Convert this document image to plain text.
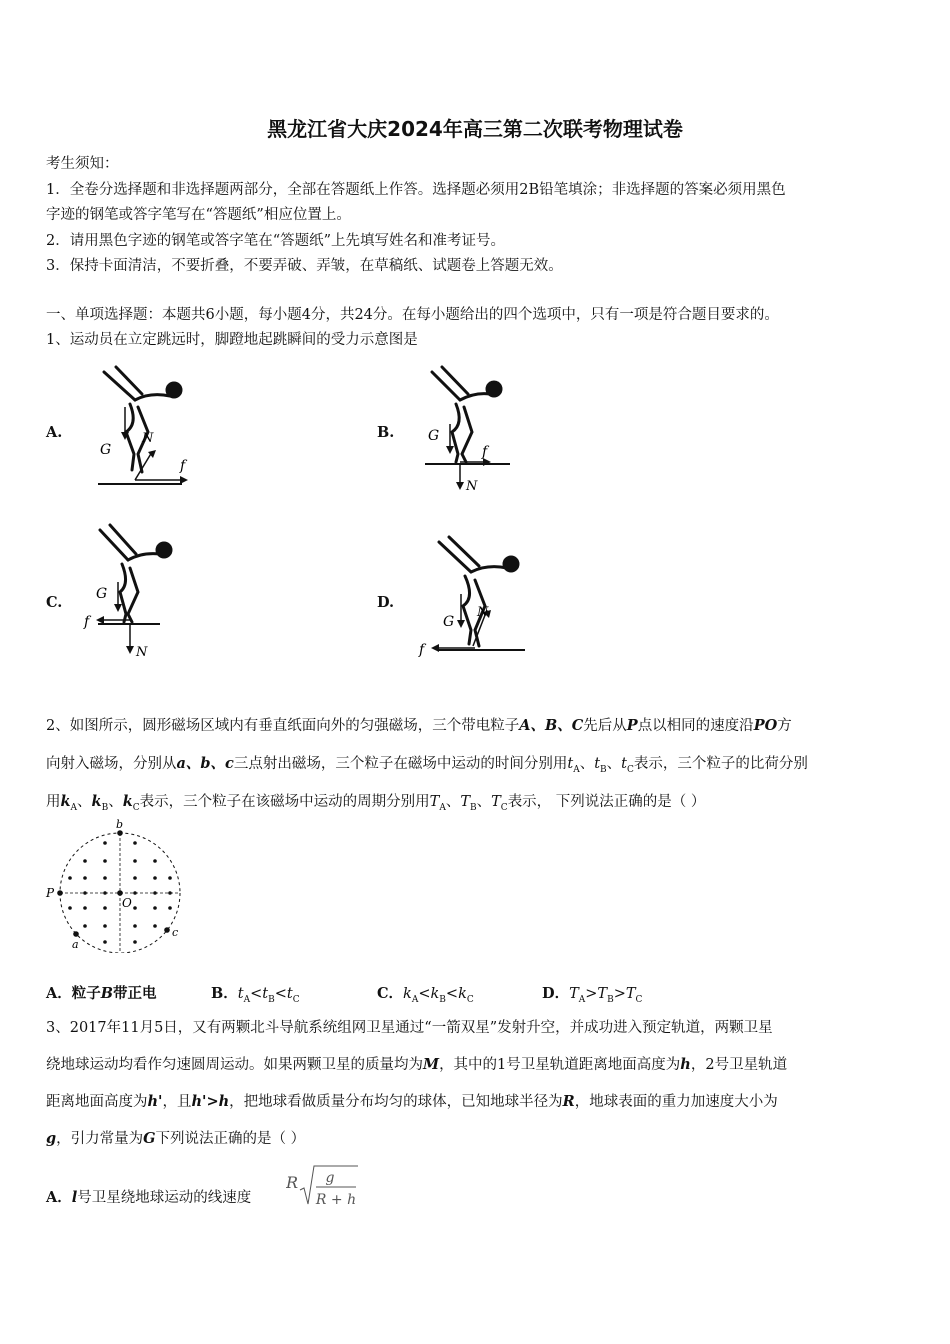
黑龙江省大庆2024年高三第二次联考物理试卷
考生须知：
1．全卷分选择题和非选择题两部分，全部在答题纸上作答。选择题必须用2B铅笔填涂；非选择题的答案必须用黑色
字迹的钢笔或答字笔写在“答题纸”相应位置上。
2．请用黑色字迹的钢笔或答字笔在“答题纸”上先填写姓名和准考证号。
3．保持卡面清洁，不要折叠，不要弄破、弄皱，在草稿纸、试题卷上答题无效。
一、单项选择题：本题共6小题，每小题4分，共24分。在每小题给出的四个选项中，只有一项是符合题目要求的。
1、运动员在立定跳远时，脚蹬地起跳瞬间的受力示意图是
A.	B.
C.	D.
G
N
f
G
N
f
G
N
f	G
N
f
2、如图所示，圆形磁场区域内有垂直纸面向外的匀强磁场，三个带电粒子A、B、C先后从P点以相同的速度沿PO方
向射入磁场，分别从a、b、c三点射出磁场，三个粒子在磁场中运动的时间分别用$t_A$、$t_B$、$t_C$表示，三个粒子的比荷分别
用$k_A$、$k_B$、$k_C$表示，三个粒子在该磁场中运动的周期分别用$T_A$、$T_B$、$T_C$表示， 下列说法正确的是（ ）
b
P
O
a
c
A．粒子B带正电	B．$t_A<t_B<t_C$	C．$k_A<k_B<k_C$	D．$T_A>T_B>T_C$
3、2017年11月5日，又有两颗北斗导航系统组网卫星通过“一箭双星”发射升空，并成功进入预定轨道，两颗卫星
绕地球运动均看作匀速圆周运动。如果两颗卫星的质量均为M，其中的1号卫星轨道距离地面高度为h，2号卫星轨道
距离地面高度为h'，且h'>h，把地球看做质量分布均匀的球体，已知地球半径为R，地球表面的重力加速度大小为
g，引力常量为G下列说法正确的是（ ）
A．l号卫星绕地球运动的线速度
R g
R + h
